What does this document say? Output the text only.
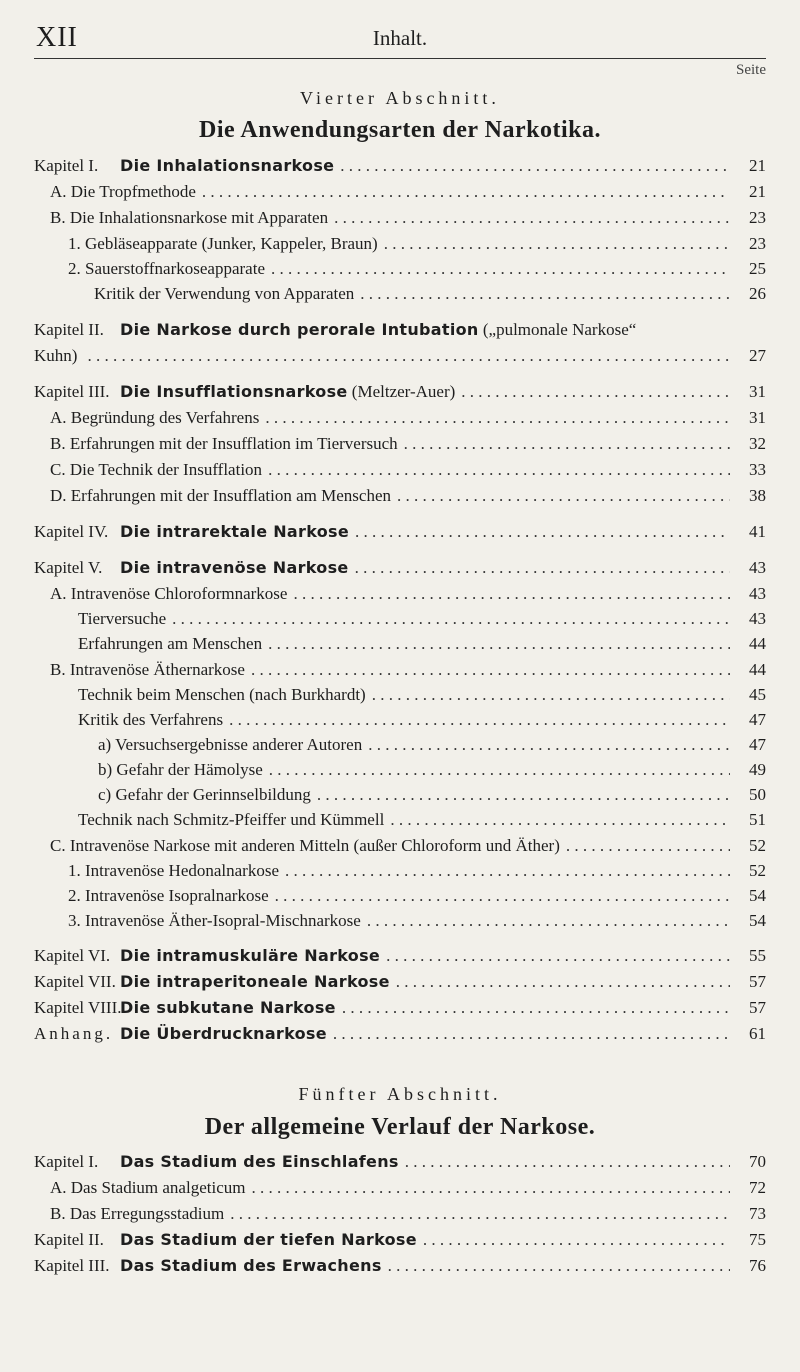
XII	Inhalt.
Seite
Vierter Abschnitt.
Die Anwendungsarten der Narkotika.
Kapitel I. Die Inhalationsnarkose . . .	21
A. Die Tropfmethode . . .	21
B. Die Inhalationsnarkose mit Apparaten . . .	23
1. Gebläseapparate (Junker, Kappeler, Braun) . . .	23
2. Sauerstoffnarkoseapparate . . .	25
Kritik der Verwendung von Apparaten . . .	26
Kapitel II. Die Narkose durch perorale Intubation („pulmonale Narkose“
Kuhn) . . .	27
Kapitel III. Die Insufflationsnarkose (Meltzer-Auer) . . .	31
A. Begründung des Verfahrens . . .	31
B. Erfahrungen mit der Insufflation im Tierversuch . . .	32
C. Die Technik der Insufflation . . .	33
D. Erfahrungen mit der Insufflation am Menschen . . .	38
Kapitel IV. Die intrarektale Narkose . . .	41
Kapitel V. Die intravenöse Narkose . . .	43
A. Intravenöse Chloroformnarkose . . .	43
Tierversuche . . .	43
Erfahrungen am Menschen . . .	44
B. Intravenöse Äthernarkose . . .	44
Technik beim Menschen (nach Burkhardt) . . .	45
Kritik des Verfahrens . . .	47
a) Versuchsergebnisse anderer Autoren . . .	47
b) Gefahr der Hämolyse . . .	49
c) Gefahr der Gerinnselbildung . . .	50
Technik nach Schmitz-Pfeiffer und Kümmell . . .	51
C. Intravenöse Narkose mit anderen Mitteln (außer Chloroform und Äther) . . .	52
1. Intravenöse Hedonalnarkose . . .	52
2. Intravenöse Isopralnarkose . . .	54
3. Intravenöse Äther-Isopral-Mischnarkose . . .	54
Kapitel VI. Die intramuskuläre Narkose . . .	55
Kapitel VII. Die intraperitoneale Narkose . . .	57
Kapitel VIII.Die subkutane Narkose . . .	57
Anhang. Die Überdrucknarkose . . .	61
Fünfter Abschnitt.
Der allgemeine Verlauf der Narkose.
Kapitel I. Das Stadium des Einschlafens . . .	70
A. Das Stadium analgeticum . . .	72
B. Das Erregungsstadium . . .	73
Kapitel II. Das Stadium der tiefen Narkose . . .	75
Kapitel III. Das Stadium des Erwachens . . .	76
